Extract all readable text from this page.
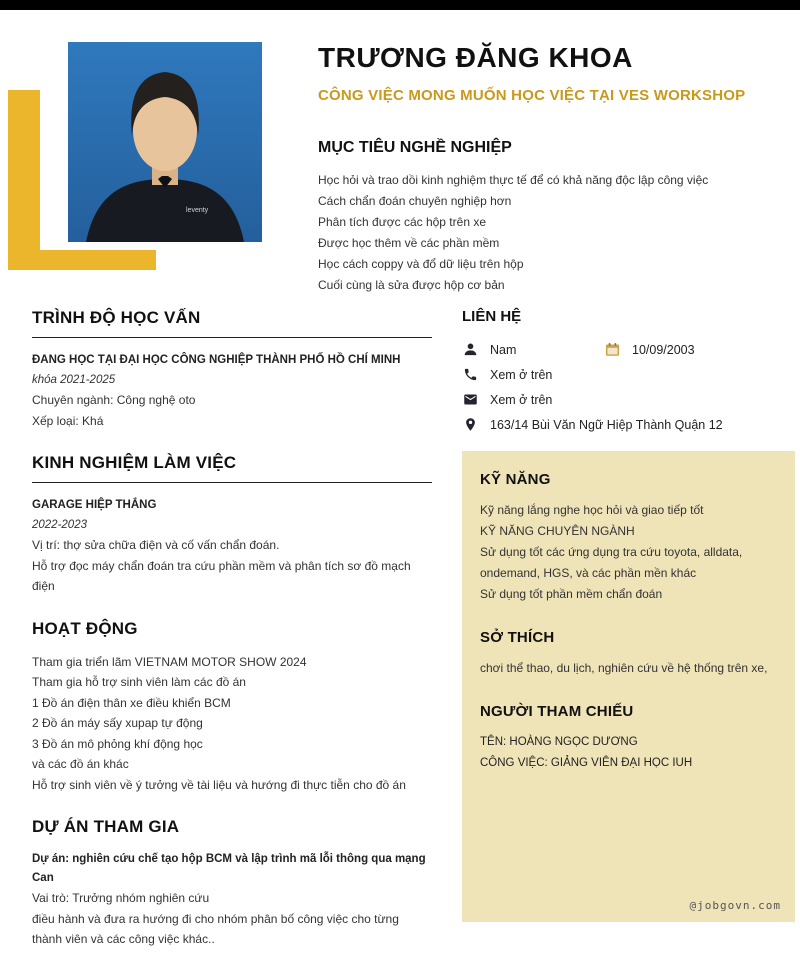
leventy
TRƯƠNG ĐĂNG KHOA
CÔNG VIỆC MONG MUỐN HỌC VIỆC TẠI VES WORKSHOP
MỤC TIÊU NGHỀ NGHIỆP
Học hỏi và trao dồi kinh nghiệm thực tế để có khả năng độc lập công việc
Cách chẩn đoán chuyên nghiệp hơn
Phân tích được các hộp trên xe
Được học thêm về các phần mềm
Học cách coppy và đổ dữ liệu trên hộp
Cuối cùng là sửa được hộp cơ bản
TRÌNH ĐỘ HỌC VẤN
ĐANG HỌC TẠI ĐẠI HỌC CÔNG NGHIỆP THÀNH PHỐ HỒ CHÍ MINH
khóa 2021-2025
Chuyên ngành: Công nghệ oto
Xếp loại: Khá
KINH NGHIỆM LÀM VIỆC
GARAGE HIỆP THẮNG
2022-2023
Vị trí: thợ sửa chữa điện và cố vấn chẩn đoán.
Hỗ trợ đọc máy chẩn đoán tra cứu phần mềm và phân tích sơ đồ mạch điện
HOẠT ĐỘNG
Tham gia triển lãm VIETNAM MOTOR SHOW 2024
Tham gia hỗ trợ sinh viên làm các đồ án
1 Đồ án điện thân xe điều khiển BCM
2 Đồ án máy sấy xupap tự động
3 Đồ án mô phỏng khí động học
và các đồ án khác
Hỗ trợ sinh viên về ý tưởng về tài liệu và hướng đi thực tiễn cho đồ án
DỰ ÁN THAM GIA
Dự án: nghiên cứu chế tạo hộp BCM và lập trình mã lỗi thông qua mạng Can
Vai trò: Trưởng nhóm nghiên cứu
điều hành và đưa ra hướng đi cho nhóm phân bố công việc cho từng thành viên và các công việc khác..
LIÊN HỆ
Nam	10/09/2003
Xem ở trên
Xem ở trên
163/14 Bùi Văn Ngữ Hiệp Thành Quận 12
KỸ NĂNG
Kỹ năng lắng nghe học hỏi và giao tiếp tốt
KỸ NĂNG CHUYÊN NGÀNH
Sử dụng tốt các ứng dụng tra cứu toyota, alldata, ondemand, HGS, và các phần mền khác
Sử dụng tốt phần mềm chẩn đoán
SỞ THÍCH
chơi thể thao, du lịch, nghiên cứu về hệ thống trên xe,
NGƯỜI THAM CHIẾU
TÊN: HOÀNG NGỌC DƯƠNG
CÔNG VIỆC: GIẢNG VIÊN ĐẠI HỌC IUH
@jobgovn.com
